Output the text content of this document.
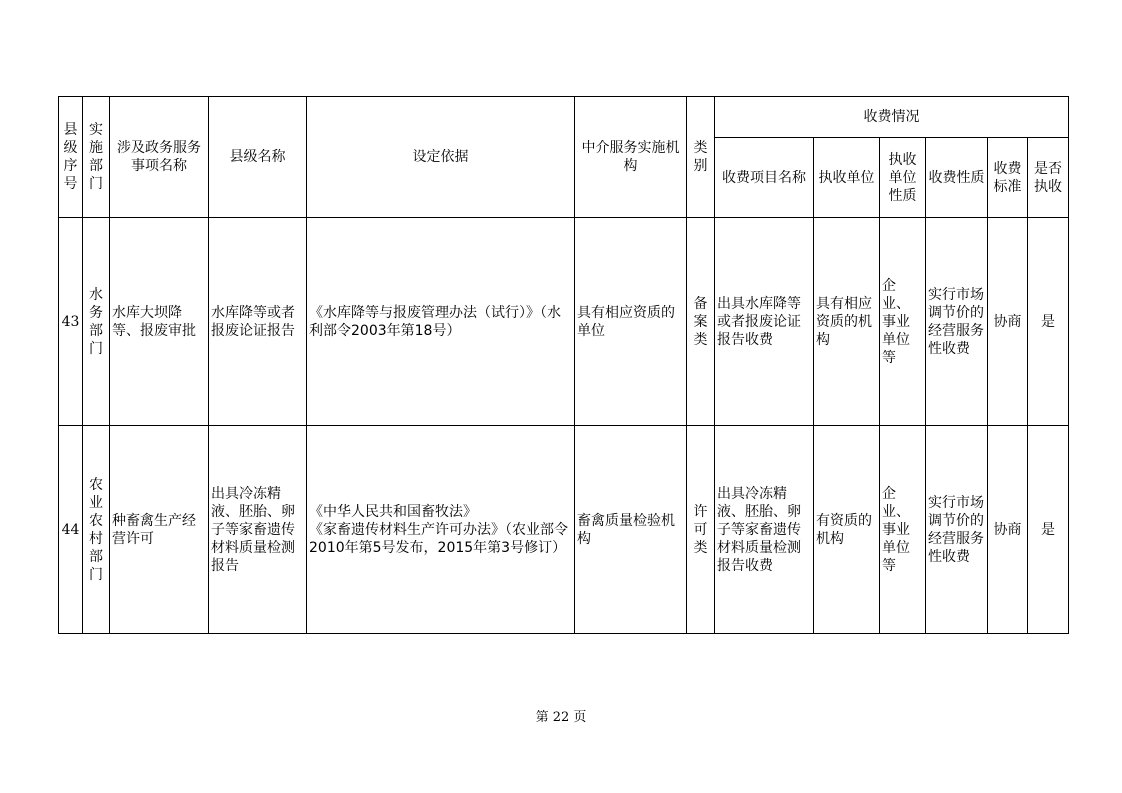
县级序号	实施部门	涉及政务服务事项名称	县级名称	设定依据	中介服务实施机构	类别	收费情况					
							收费项目名称	执收单位	执收单位性质	收费性质	收费标准	是否执收
43	水务部门	水库大坝降等、报废审批	水库降等或者报废论证报告	《水库降等与报废管理办法（试行）》（水利部令2003年第18号）	具有相应资质的单位	备案类	出具水库降等或者报废论证报告收费	具有相应资质的机构	企业、事业单位等	实行市场调节价的经营服务性收费	协商	是
44	农业农村部门	种畜禽生产经营许可	出具冷冻精液、胚胎、卵子等家畜遗传材料质量检测报告	《中华人民共和国畜牧法》
《家畜遗传材料生产许可办法》（农业部令2010年第5号发布，2015年第3号修订）	畜禽质量检验机构	许可类	出具冷冻精液、胚胎、卵子等家畜遗传材料质量检测报告收费	有资质的机构	企业、事业单位等	实行市场调节价的经营服务性收费	协商	是
第 22 页
